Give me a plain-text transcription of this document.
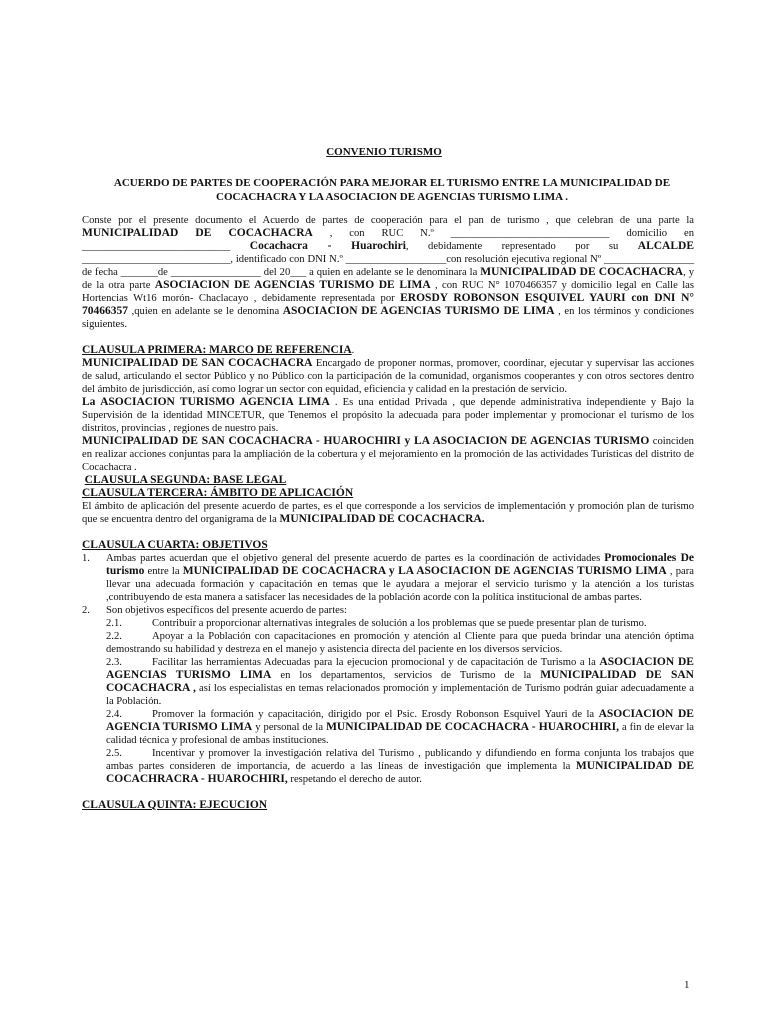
CONVENIO TURISMO
ACUERDO DE PARTES DE COOPERACIÓN PARA MEJORAR EL TURISMO ENTRE LA MUNICIPALIDAD DE COCACHACRA Y LA ASOCIACION DE AGENCIAS TURISMO LIMA .

Conste por el presente documento el Acuerdo de partes de cooperación para el pan de turismo , que celebran de una parte la MUNICIPALIDAD DE COCACHACRA , con RUC N.º ______________________________ domicilio en ____________________________ Cocachacra - Huarochiri, debidamente representado por su ALCALDE ____________________________, identificado con DNI N.º ___________________con resolución ejecutiva regional Nº _________________ de fecha _______de _________________ del 20___ a quien en adelante se le denominara la MUNICIPALIDAD DE COCACHACRA, y de la otra parte ASOCIACION DE AGENCIAS TURISMO DE LIMA , con RUC N° 1070466357 y domicilio legal en Calle las Hortencias Wt16 morón- Chaclacayo , debidamente representada por EROSDY ROBONSON ESQUIVEL YAURI con DNI N° 70466357 ,quien en adelante se le denomina ASOCIACION DE AGENCIAS TURISMO DE LIMA , en los términos y condiciones siguientes.

CLAUSULA PRIMERA: MARCO DE REFERENCIA.

MUNICIPALIDAD DE SAN COCACHACRA Encargado de proponer normas, promover, coordinar, ejecutar y supervisar las acciones de salud, articulando el sector Público y no Público con la participación de la comunidad, organismos cooperantes y con otros sectores dentro del ámbito de jurisdicción, así como lograr un sector con equidad, eficiencia y calidad en la prestación de servicio.

La ASOCIACION TURISMO AGENCIA LIMA . Es una entidad Privada , que depende administrativa independiente y Bajo la Supervisión de la identidad MINCETUR, que Tenemos el propósito la adecuada para poder implementar y promocionar el turismo de los distritos, provincias , regiones de nuestro pais.

MUNICIPALIDAD DE SAN COCACHACRA - HUAROCHIRI y LA ASOCIACION DE AGENCIAS TURISMO coinciden en realizar acciones conjuntas para la ampliación de la cobertura y el mejoramiento en la promoción de las actividades Turísticas del distrito de Cocachacra .

CLAUSULA SEGUNDA: BASE LEGAL

CLAUSULA TERCERA: ÁMBITO DE APLICACIÓN

El ámbito de aplicación del presente acuerdo de partes, es el que corresponde a los servicios de implementación y promoción plan de turismo que se encuentra dentro del organigrama de la MUNICIPALIDAD DE COCACHACRA.

CLAUSULA CUARTA: OBJETIVOS

1. Ambas partes acuerdan que el objetivo general del presente acuerdo de partes es la coordinación de actividades Promocionales De turismo entre la MUNICIPALIDAD DE COCACHACRA y LA ASOCIACION DE AGENCIAS TURISMO LIMA , para llevar una adecuada formación y capacitación en temas que le ayudara a mejorar el servicio turismo y la atención a los turistas ,contribuyendo de esta manera a satisfacer las necesidades de la población acorde con la política institucional de ambas partes.
2. Son objetivos específicos del presente acuerdo de partes:
2.1.	Contribuir a proporcionar alternativas integrales de solución a los problemas que se puede presentar plan de turismo.
2.2.	Apoyar a la Población con capacitaciones en promoción y atención al Cliente para que pueda brindar una atención óptima demostrando su habilidad y destreza en el manejo y asistencia directa del paciente en los diversos servicios.
2.3.	Facilitar las herramientas Adecuadas para la ejecucion promocional y de capacitación de Turismo a la ASOCIACION DE AGENCIAS TURISMO LIMA en los departamentos, servicios de Turismo de la MUNICIPALIDAD DE SAN COCACHACRA , así los especialistas en temas relacionados promoción y implementación de Turismo podrán guiar adecuadamente a la Población.
2.4.	Promover la formación y capacitación, dirigido por el Psic. Erosdy Robonson Esquivel Yauri de la ASOCIACION DE AGENCIA TURISMO LIMA y personal de la MUNICIPALIDAD DE COCACHACRA - HUAROCHIRI, a fin de elevar la calidad técnica y profesional de ambas instituciones.
2.5.	Incentivar y promover la investigación relativa del Turismo , publicando y difundiendo en forma conjunta los trabajos que ambas partes consideren de importancia, de acuerdo a las líneas de investigación que implementa la MUNICIPALIDAD DE COCACHRACRA - HUAROCHIRI, respetando el derecho de autor.

CLAUSULA QUINTA: EJECUCION

1
